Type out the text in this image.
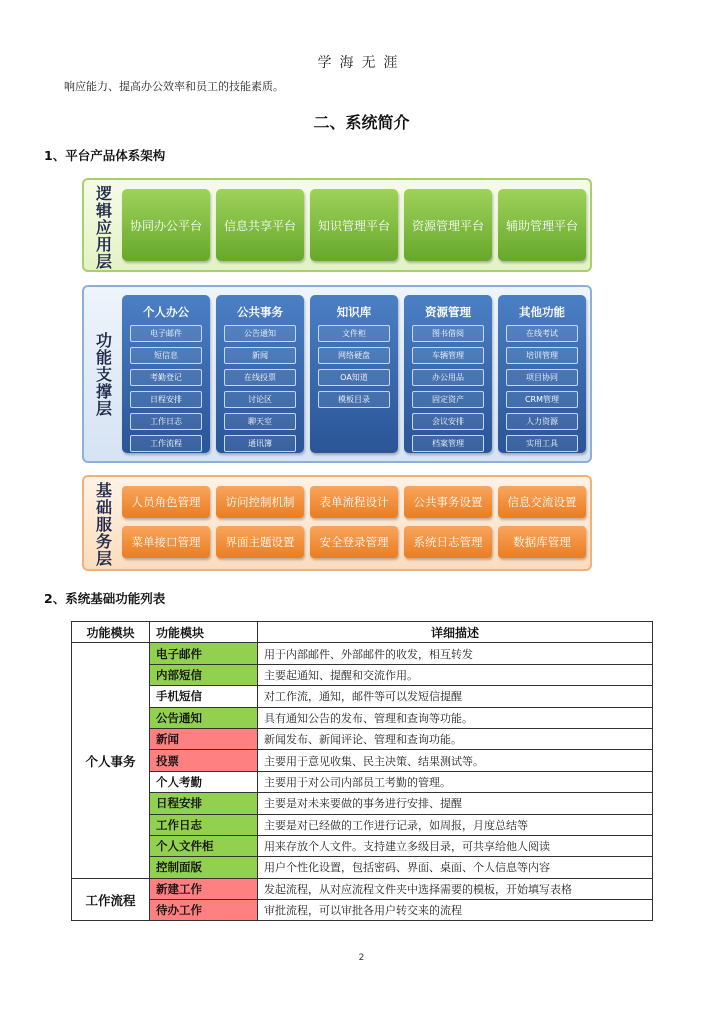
学海无涯
响应能力、提高办公效率和员工的技能素质。
二、系统简介
1、平台产品体系架构
逻辑应用层
协同办公平台	信息共享平台	知识管理平台	资源管理平台	辅助管理平台
功能支撑层
个人办公
电子邮件
短信息
考勤登记
日程安排
工作日志
工作流程
公共事务
公告通知
新闻
在线投票
讨论区
聊天室
通讯簿
知识库
文件柜
网络硬盘
OA知道
模板目录
资源管理
图书借阅
车辆管理
办公用品
固定资产
会议安排
档案管理
其他功能
在线考试
培训管理
项目协同
CRM管理
人力资源
实用工具
基础服务层
人员角色管理	访问控制机制	表单流程设计	公共事务设置	信息交流设置
菜单接口管理	界面主题设置	安全登录管理	系统日志管理	数据库管理
2、系统基础功能列表
功能模块	功能模块	详细描述
个人事务	电子邮件	用于内部邮件、外部邮件的收发，相互转发
	内部短信	主要起通知、提醒和交流作用。
	手机短信	对工作流，通知，邮件等可以发短信提醒
	公告通知	具有通知公告的发布、管理和查询等功能。
	新闻	新闻发布、新闻评论、管理和查询功能。
	投票	主要用于意见收集、民主决策、结果测试等。
	个人考勤	主要用于对公司内部员工考勤的管理。
	日程安排	主要是对未来要做的事务进行安排、提醒
	工作日志	主要是对已经做的工作进行记录，如周报，月度总结等
	个人文件柜	用来存放个人文件。支持建立多级目录，可共享给他人阅读
	控制面版	用户个性化设置，包括密码、界面、桌面、个人信息等内容
工作流程	新建工作	发起流程，从对应流程文件夹中选择需要的模板，开始填写表格
	待办工作	审批流程，可以审批各用户转交来的流程
2
